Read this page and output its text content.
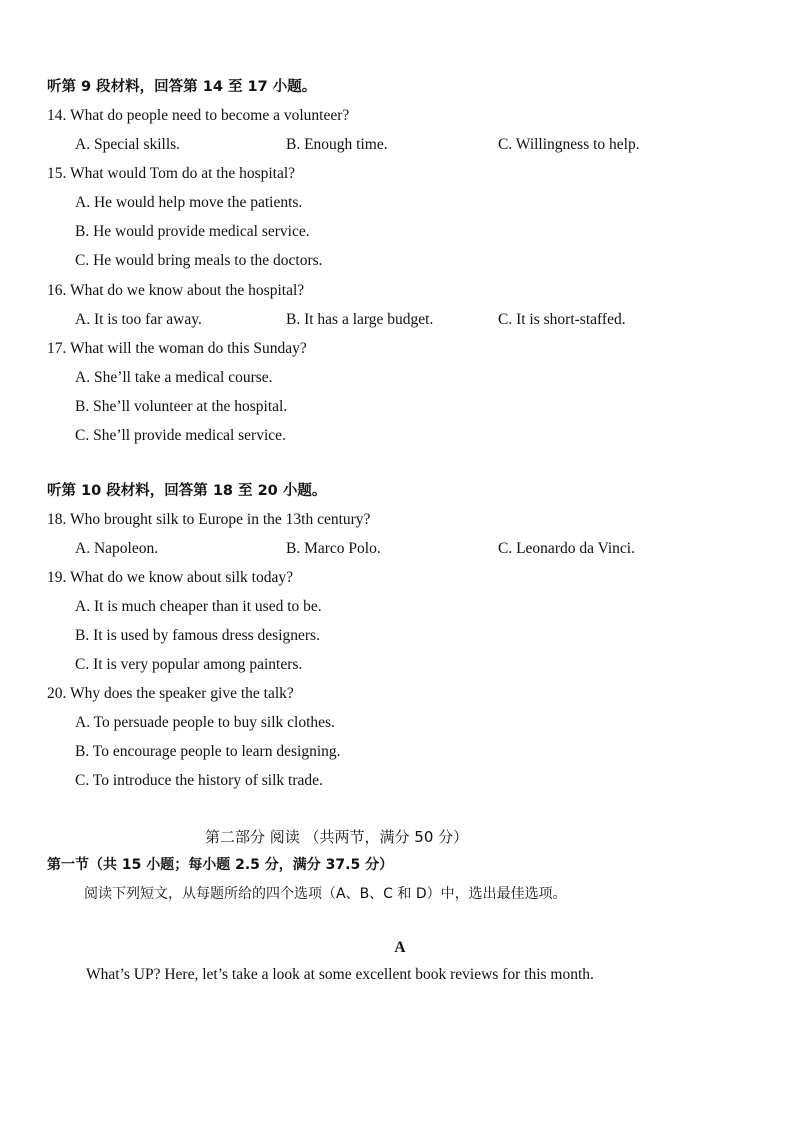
听第 9 段材料，回答第 14 至 17 小题。
14. What do people need to become a volunteer?
A. Special skills.	B. Enough time.	C. Willingness to help.
15. What would Tom do at the hospital?
A. He would help move the patients.
B. He would provide medical service.
C. He would bring meals to the doctors.
16. What do we know about the hospital?
A. It is too far away.	B. It has a large budget.	C. It is short-staffed.
17. What will the woman do this Sunday?
A. She’ll take a medical course.
B. She’ll volunteer at the hospital.
C. She’ll provide medical service.
听第 10 段材料，回答第 18 至 20 小题。
18. Who brought silk to Europe in the 13th century?
A. Napoleon.	B. Marco Polo.	C. Leonardo da Vinci.
19. What do we know about silk today?
A. It is much cheaper than it used to be.
B. It is used by famous dress designers.
C. It is very popular among painters.
20. Why does the speaker give the talk?
A. To persuade people to buy silk clothes.
B. To encourage people to learn designing.
C. To introduce the history of silk trade.
第二部分 阅读 （共两节，满分 50 分）
第一节（共 15 小题；每小题 2.5 分，满分 37.5 分）
阅读下列短文，从每题所给的四个选项（A、B、C 和 D）中，选出最佳选项。
A
What’s UP? Here, let’s take a look at some excellent book reviews for this month.
